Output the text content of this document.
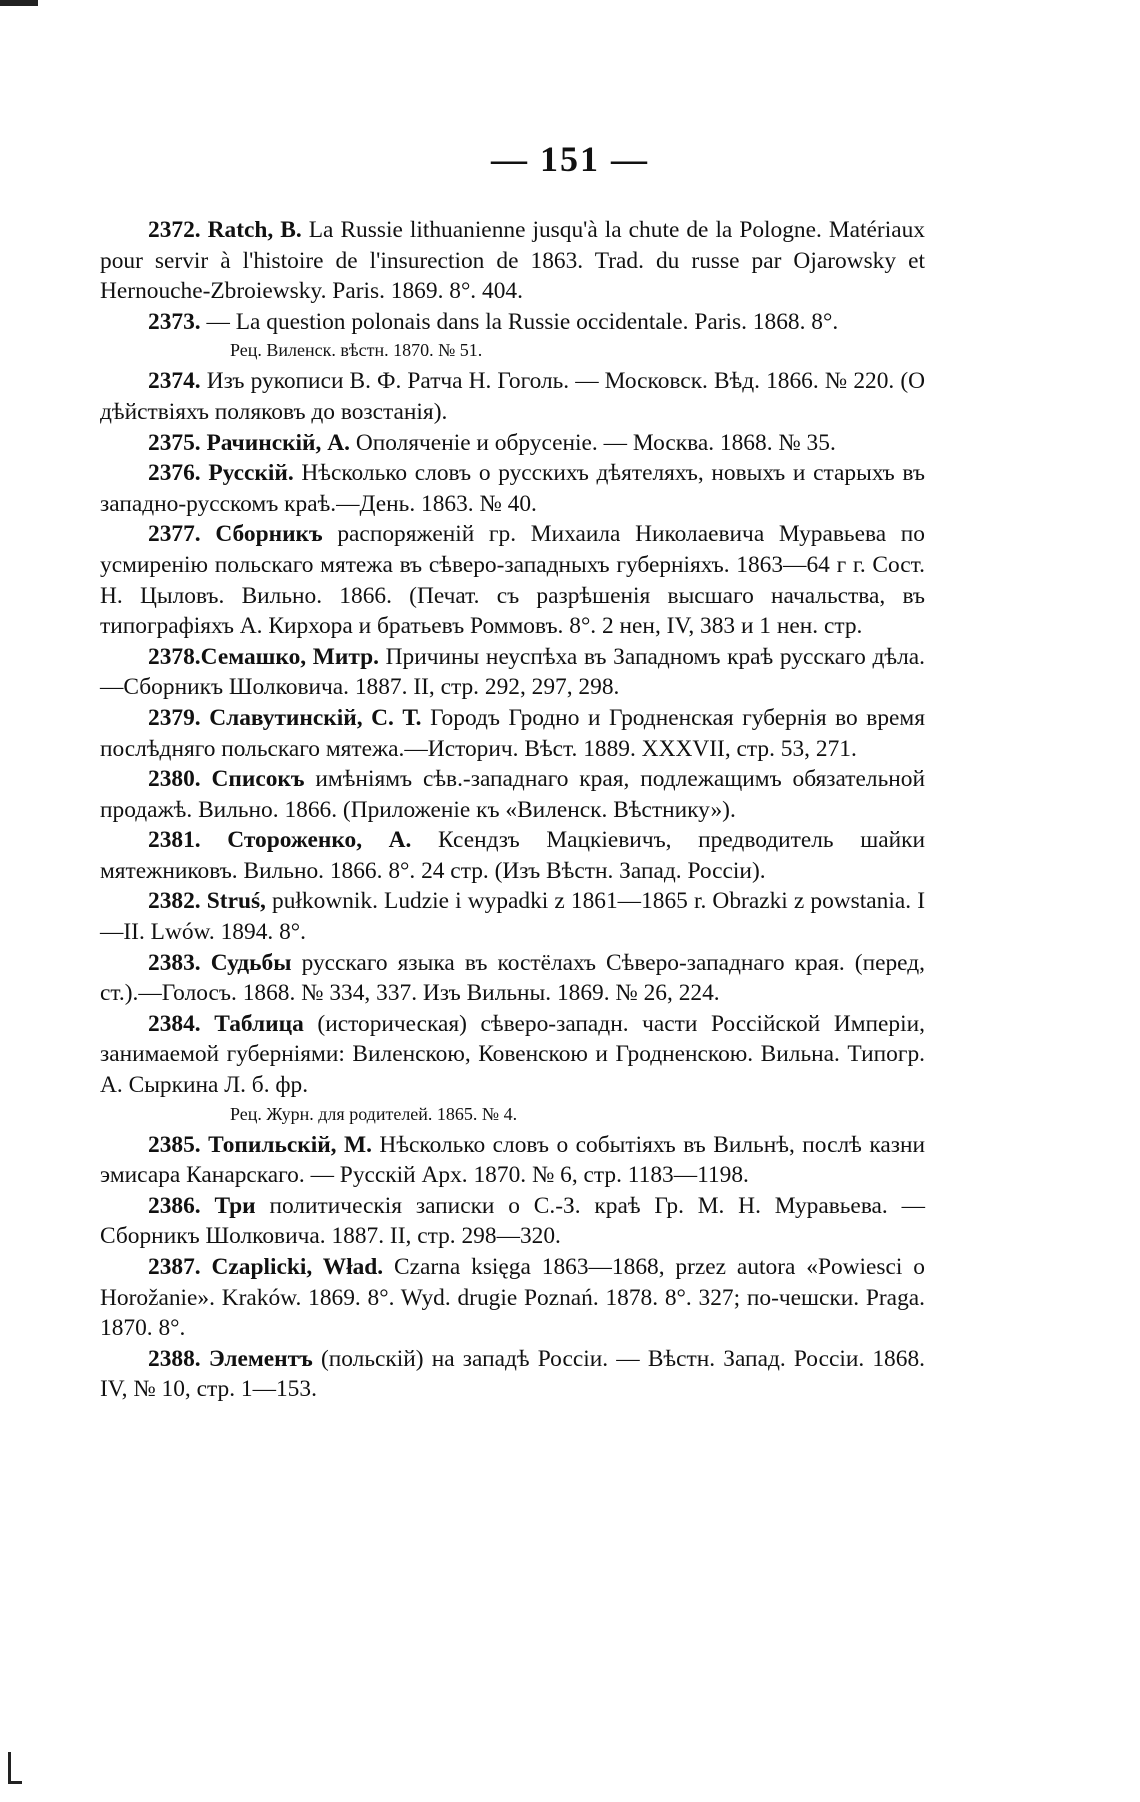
— 151 —

2372. Ratch, B. La Russie lithuanienne jusqu'à la chute de la Pologne. Matériaux pour servir à l'histoire de l'insurection de 1863. Trad. du russe par Ojarowsky et Hernouche-Zbroiewsky. Paris. 1869. 8°. 404.

2373. — La question polonais dans la Russie occidentale. Paris. 1868. 8°.

Рец. Виленск. вѣстн. 1870. № 51.

2374. Изъ рукописи В. Ф. Ратча Н. Гоголь. — Московск. Вѣд. 1866. № 220. (О дѣйствіяхъ поляковъ до возстанія).

2375. Рачинскій, А. Ополяченіе и обрусеніе. — Москва. 1868. № 35.

2376. Русскій. Нѣсколько словъ о русскихъ дѣятеляхъ, новыхъ и старыхъ въ западно-русскомъ краѣ.—День. 1863. № 40.

2377. Сборникъ распоряженій гр. Михаила Николаевича Муравьева по усмиренію польскаго мятежа въ сѣверо-западныхъ губерніяхъ. 1863—64 г г. Сост. Н. Цыловъ. Вильно. 1866. (Печат. съ разрѣшенія высшаго начальства, въ типографіяхъ А. Кирхора и братьевъ Роммовъ. 8°. 2 нен, IV, 383 и 1 нен. стр.

2378.Семашко, Митр. Причины неуспѣха въ Западномъ краѣ русскаго дѣла.—Сборникъ Шолковича. 1887. II, стр. 292, 297, 298.

2379. Славутинскій, С. Т. Городъ Гродно и Гродненская губернія во время послѣдняго польскаго мятежа.—Историч. Вѣст. 1889. XXXVII, стр. 53, 271.

2380. Списокъ имѣніямъ сѣв.-западнаго края, подлежащимъ обязательной продажѣ. Вильно. 1866. (Приложеніе къ «Виленск. Вѣстнику»).

2381. Стороженко, А. Ксендзъ Мацкіевичъ, предводитель шайки мятежниковъ. Вильно. 1866. 8°. 24 стр. (Изъ Вѣстн. Запад. Россіи).

2382. Struś, pułkownik. Ludzie i wypadki z 1861—1865 r. Obrazki z powstania. I—II. Lwów. 1894. 8°.

2383. Судьбы русскаго языка въ костёлахъ Сѣверо-западнаго края. (перед, ст.).—Голосъ. 1868. № 334, 337. Изъ Вильны. 1869. № 26, 224.

2384. Таблица (историческая) сѣверо-западн. части Россійской Имперіи, занимаемой губерніями: Виленскою, Ковенскою и Гродненскою. Вильна. Типогр. А. Сыркина Л. б. фр.

Рец. Журн. для родителей. 1865. № 4.

2385. Топильскій, М. Нѣсколько словъ о событіяхъ въ Вильнѣ, послѣ казни эмисара Канарскаго. — Русскій Арх. 1870. № 6, стр. 1183—1198.

2386. Три политическія записки о С.-З. краѣ Гр. М. Н. Муравьева. — Сборникъ Шолковича. 1887. II, стр. 298—320.

2387. Czaplicki, Wład. Czarna księga 1863—1868, przez autora «Powiesci o Horožanie». Kraków. 1869. 8°. Wyd. drugie Poznań. 1878. 8°. 327; по-чешски. Praga. 1870. 8°.

2388. Элементъ (польскій) на западѣ Россіи. — Вѣстн. Запад. Россіи. 1868. IV, № 10, стр. 1—153.
